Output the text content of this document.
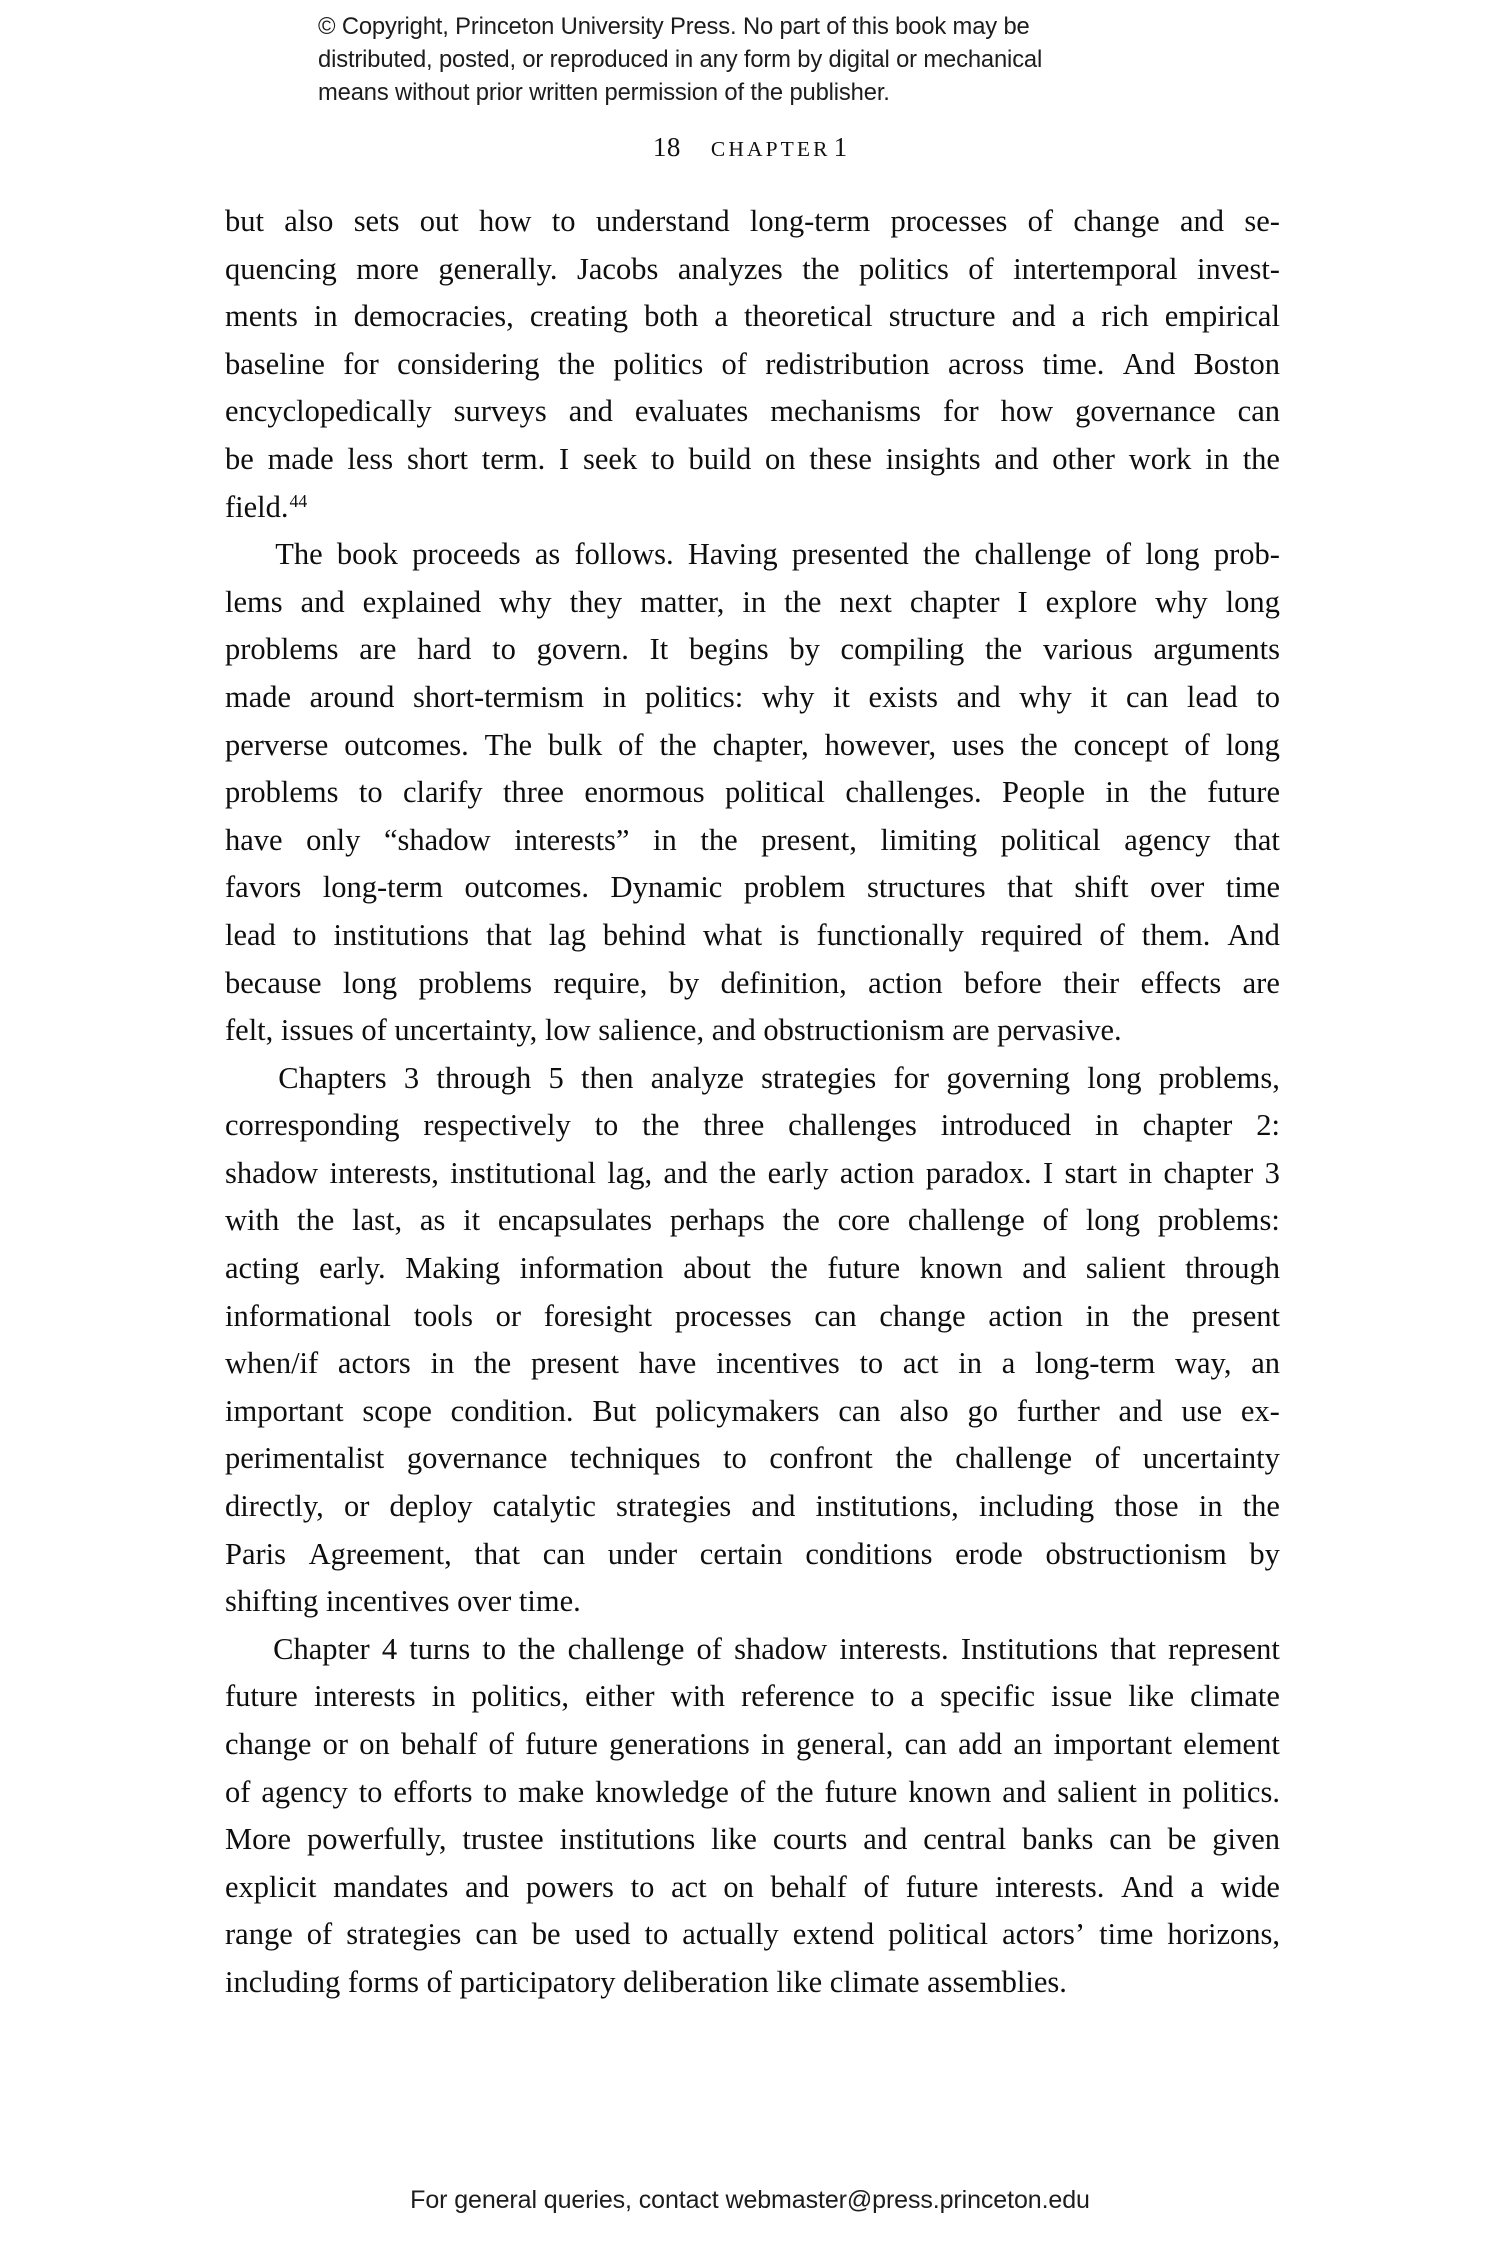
© Copyright, Princeton University Press. No part of this book may be
distributed, posted, or reproduced in any form by digital or mechanical
means without prior written permission of the publisher.
18 CHAPTER 1

but also sets out how to understand long-term processes of change and se-
quencing more generally. Jacobs analyzes the politics of intertemporal invest-
ments in democracies, creating both a theoretical structure and a rich empirical
baseline for considering the politics of redistribution across time. And Boston
encyclopedically surveys and evaluates mechanisms for how governance can
be made less short term. I seek to build on these insights and other work in the
field.$^{44}$

The book proceeds as follows. Having presented the challenge of long prob-
lems and explained why they matter, in the next chapter I explore why long
problems are hard to govern. It begins by compiling the various arguments
made around short-termism in politics: why it exists and why it can lead to
perverse outcomes. The bulk of the chapter, however, uses the concept of long
problems to clarify three enormous political challenges. People in the future
have only “shadow interests” in the present, limiting political agency that
favors long-term outcomes. Dynamic problem structures that shift over time
lead to institutions that lag behind what is functionally required of them. And
because long problems require, by definition, action before their effects are
felt, issues of uncertainty, low salience, and obstructionism are pervasive.

Chapters 3 through 5 then analyze strategies for governing long problems,
corresponding respectively to the three challenges introduced in chapter 2:
shadow interests, institutional lag, and the early action paradox. I start in chapter 3
with the last, as it encapsulates perhaps the core challenge of long problems:
acting early. Making information about the future known and salient through
informational tools or foresight processes can change action in the present
when/if actors in the present have incentives to act in a long-term way, an
important scope condition. But policymakers can also go further and use ex-
perimentalist governance techniques to confront the challenge of uncertainty
directly, or deploy catalytic strategies and institutions, including those in the
Paris Agreement, that can under certain conditions erode obstructionism by
shifting incentives over time.

Chapter 4 turns to the challenge of shadow interests. Institutions that represent
future interests in politics, either with reference to a specific issue like climate
change or on behalf of future generations in general, can add an important element
of agency to efforts to make knowledge of the future known and salient in politics.
More powerfully, trustee institutions like courts and central banks can be given
explicit mandates and powers to act on behalf of future interests. And a wide
range of strategies can be used to actually extend political actors’ time horizons,
including forms of participatory deliberation like climate assemblies.

For general queries, contact webmaster@press.princeton.edu
